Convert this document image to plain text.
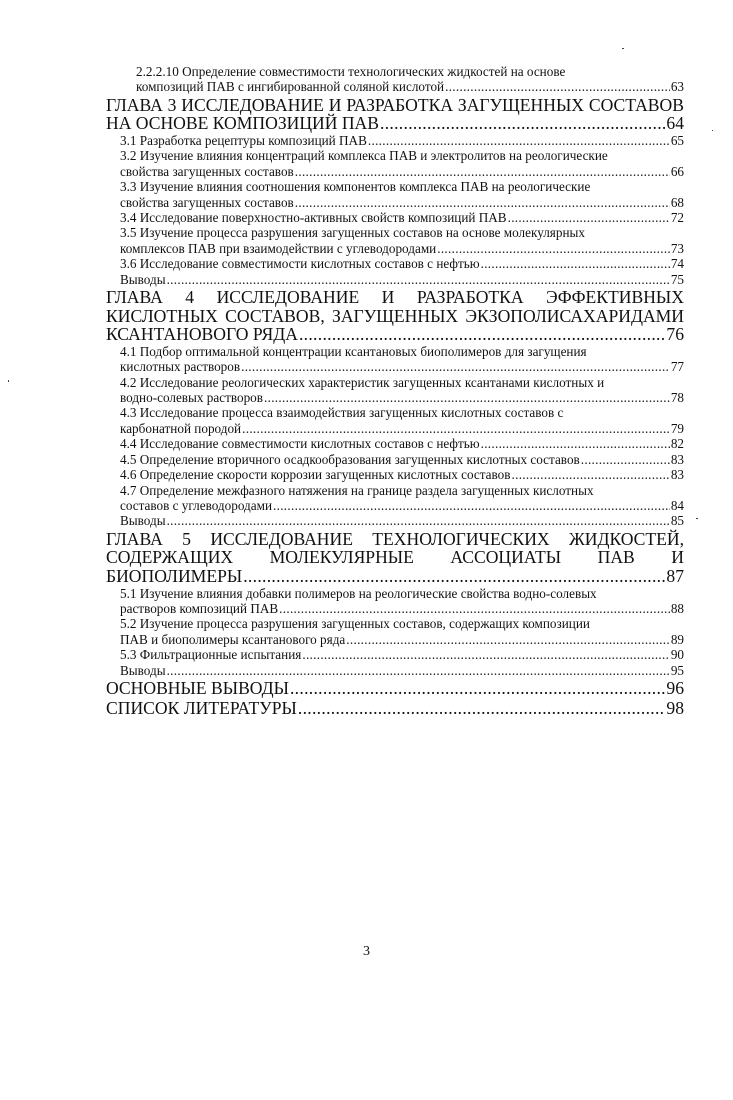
2.2.2.10 Определение совместимости технологических жидкостей на основе
композиций ПАВ с ингибированной соляной кислотой .....	63
ГЛАВА 3 ИССЛЕДОВАНИЕ И РАЗРАБОТКА ЗАГУЩЕННЫХ СОСТАВОВ
НА ОСНОВЕ КОМПОЗИЦИЙ ПАВ .....	64
3.1 Разработка рецептуры композиций ПАВ .....	65
3.2 Изучение влияния концентраций комплекса ПАВ и электролитов на реологические
свойства загущенных составов .....	66
3.3 Изучение влияния соотношения компонентов комплекса ПАВ на реологические
свойства загущенных составов .....	68
3.4 Исследование поверхностно-активных свойств композиций ПАВ .....	72
3.5 Изучение процесса разрушения загущенных составов на основе молекулярных
комплексов ПАВ при взаимодействии с углеводородами .....	73
3.6 Исследование совместимости кислотных составов с нефтью .....	74
Выводы .....	75
ГЛАВА 4 ИССЛЕДОВАНИЕ И РАЗРАБОТКА ЭФФЕКТИВНЫХ
КИСЛОТНЫХ СОСТАВОВ, ЗАГУЩЕННЫХ ЭКЗОПОЛИСАХАРИДАМИ
КСАНТАНОВОГО РЯДА .....	76
4.1 Подбор оптимальной концентрации ксантановых биополимеров для загущения
кислотных растворов .....	77
4.2 Исследование реологических характеристик загущенных ксантанами кислотных и
водно-солевых растворов .....	78
4.3 Исследование процесса взаимодействия загущенных кислотных составов с
карбонатной породой .....	79
4.4 Исследование совместимости кислотных составов с нефтью .....	82
4.5 Определение вторичного осадкообразования загущенных кислотных составов .....	83
4.6 Определение скорости коррозии загущенных кислотных составов .....	83
4.7 Определение межфазного натяжения на границе раздела загущенных кислотных
составов с углеводородами .....	84
Выводы .....	85
ГЛАВА 5 ИССЛЕДОВАНИЕ ТЕХНОЛОГИЧЕСКИХ ЖИДКОСТЕЙ,
СОДЕРЖАЩИХ МОЛЕКУЛЯРНЫЕ АССОЦИАТЫ ПАВ И
БИОПОЛИМЕРЫ .....	87
5.1 Изучение влияния добавки полимеров на реологические свойства водно-солевых
растворов композиций ПАВ .....	88
5.2 Изучение процесса разрушения загущенных составов, содержащих композиции
ПАВ и биополимеры ксантанового ряда .....	89
5.3 Фильтрационные испытания .....	90
Выводы .....	95
ОСНОВНЫЕ ВЫВОДЫ .....	96
СПИСОК ЛИТЕРАТУРЫ .....	98
3
